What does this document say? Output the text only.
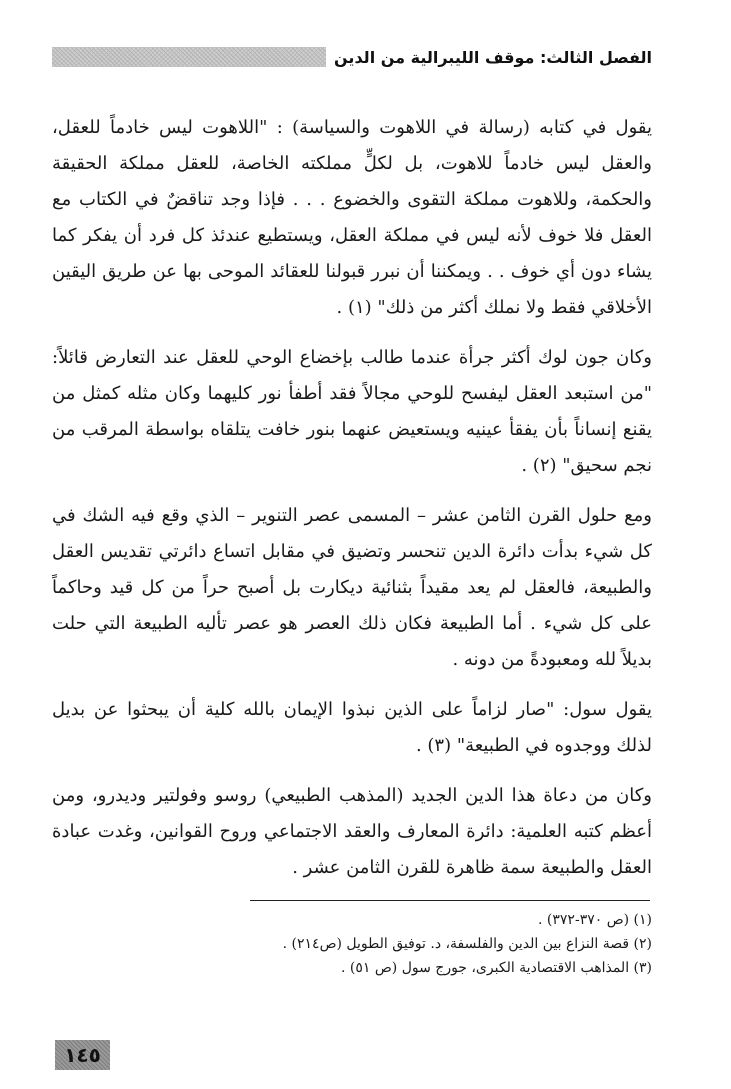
الفصل الثالث: موقف الليبرالية من الدين

يقول في كتابه (رسالة في اللاهوت والسياسة) : "اللاهوت ليس خادماً للعقل، والعقل ليس خادماً للاهوت، بل لكلٍّ مملكته الخاصة، للعقل مملكة الحقيقة والحكمة، وللاهوت مملكة التقوى والخضوع . . . فإذا وجد تناقضٌ في الكتاب مع العقل فلا خوف لأنه ليس في مملكة العقل، ويستطيع عندئذ كل فرد أن يفكر كما يشاء دون أي خوف . . ويمكننا أن نبرر قبولنا للعقائد الموحى بها عن طريق اليقين الأخلاقي فقط ولا نملك أكثر من ذلك" (١) .

وكان جون لوك أكثر جرأة عندما طالب بإخضاع الوحي للعقل عند التعارض قائلاً: "من استبعد العقل ليفسح للوحي مجالاً فقد أطفأ نور كليهما وكان مثله كمثل من يقنع إنساناً بأن يفقأ عينيه ويستعيض عنهما بنور خافت يتلقاه بواسطة المرقب من نجم سحيق" (٢) .

ومع حلول القرن الثامن عشر – المسمى عصر التنوير – الذي وقع فيه الشك في كل شيء بدأت دائرة الدين تنحسر وتضيق في مقابل اتساع دائرتي تقديس العقل والطبيعة، فالعقل لم يعد مقيداً بثنائية ديكارت بل أصبح حراً من كل قيد وحاكماً على كل شيء . أما الطبيعة فكان ذلك العصر هو عصر تأليه الطبيعة التي حلت بديلاً لله ومعبودةً من دونه .

يقول سول: "صار لزاماً على الذين نبذوا الإيمان بالله كلية أن يبحثوا عن بديل لذلك ووجدوه في الطبيعة" (٣) .

وكان من دعاة هذا الدين الجديد (المذهب الطبيعي) روسو وفولتير وديدرو، ومن أعظم كتبه العلمية: دائرة المعارف والعقد الاجتماعي وروح القوانين، وغدت عبادة العقل والطبيعة سمة ظاهرة للقرن الثامن عشر .

(١) (ص ٣٧٠-٣٧٢) .

(٢) قصة النزاع بين الدين والفلسفة، د. توفيق الطويل (ص٢١٤) .

(٣) المذاهب الاقتصادية الكبرى، جورج سول (ص ٥١) .

١٤٥
